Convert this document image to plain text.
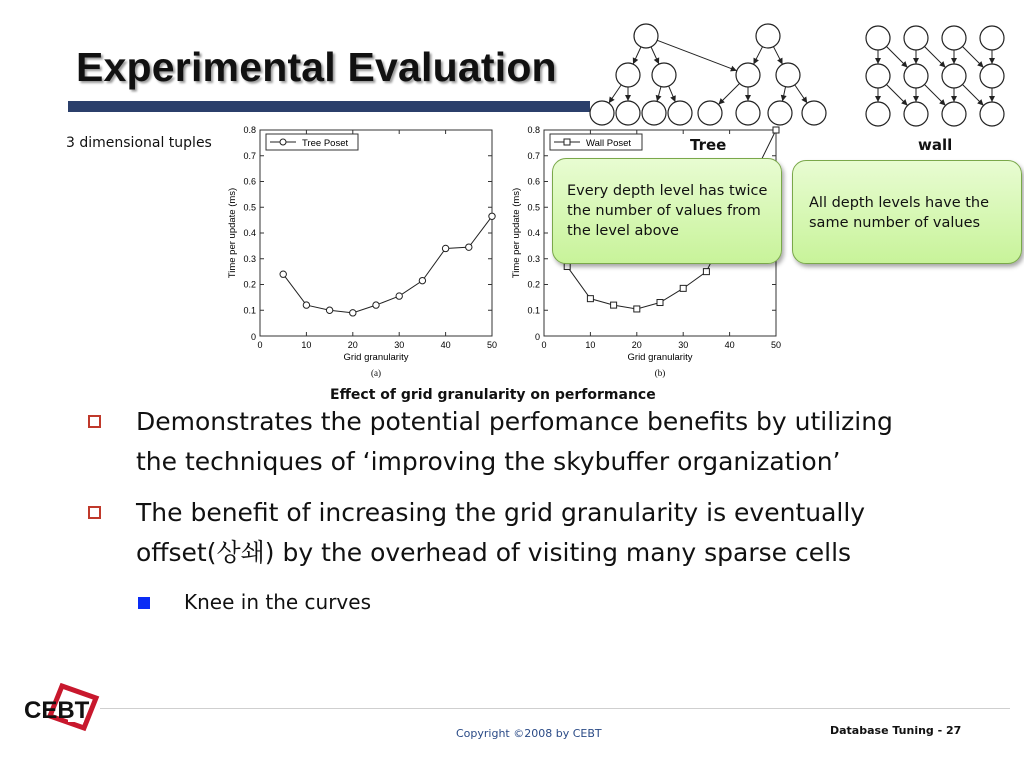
Experimental Evaluation
3 dimensional tuples
0	10	20	30	40	50
0
0.1
0.2
0.3
0.4
0.5
0.6
0.7
0.8
Tree Poset
Grid granularity
Time per update (ms)
(a)
0	10	20	30	40	50
0
0.1
0.2
0.3
0.4
0.5
0.6
0.7
0.8
Wall Poset
Grid granularity
Time per update (ms)
(b)
Effect of grid granularity on performance
Tree	wall
Every depth level has twice the number of values from the level above
All depth levels have the same number of values
Demonstrates the potential perfomance benefits by utilizing
the techniques of ‘improving the skybuffer organization’
The benefit of increasing the grid granularity is eventually
offset(상쇄) by the overhead of visiting many sparse cells
Knee in the curves
CEBT
Copyright ©2008 by CEBT	Database Tuning - 27
